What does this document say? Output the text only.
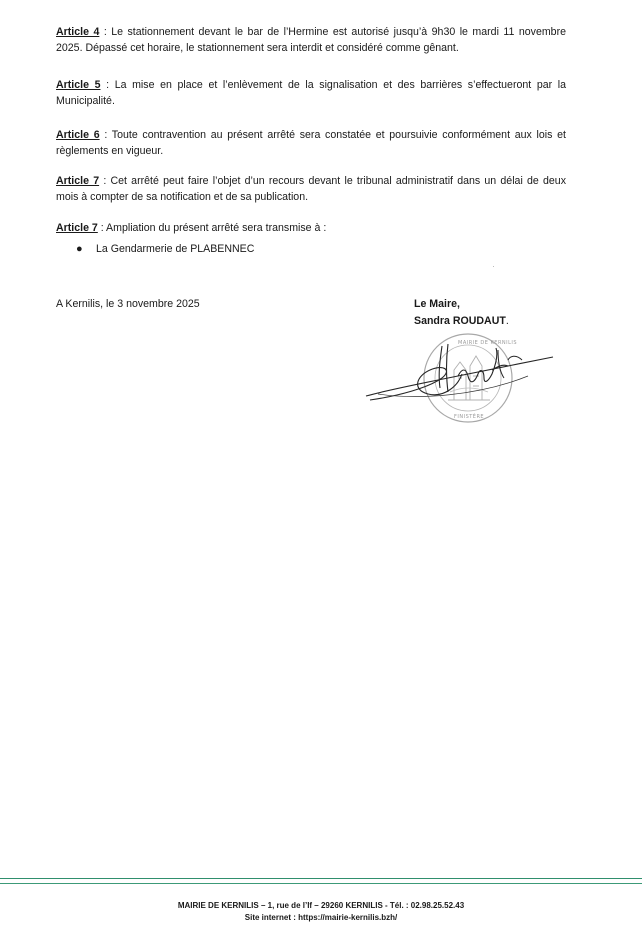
Article 4 : Le stationnement devant le bar de l’Hermine est autorisé jusqu’à 9h30 le mardi 11 novembre 2025. Dépassé cet horaire, le stationnement sera interdit et considéré comme gênant.
Article 5 : La mise en place et l’enlèvement de la signalisation et des barrières s’effectueront par la Municipalité.
Article 6 : Toute contravention au présent arrêté sera constatée et poursuivie conformément aux lois et règlements en vigueur.
Article 7 : Cet arrêté peut faire l’objet d’un recours devant le tribunal administratif dans un délai de deux mois à compter de sa notification et de sa publication.
Article 7 : Ampliation du présent arrêté sera transmise à :
●	La Gendarmerie de PLABENNEC
A Kernilis, le 3 novembre 2025	Le Maire,
Sandra ROUDAUT.
MAIRIE DE KERNILIS
FINISTÈRE
MAIRIE DE KERNILIS – 1, rue de l’If – 29260 KERNILIS - Tél. : 02.98.25.52.43
Site internet : https://mairie-kernilis.bzh/
